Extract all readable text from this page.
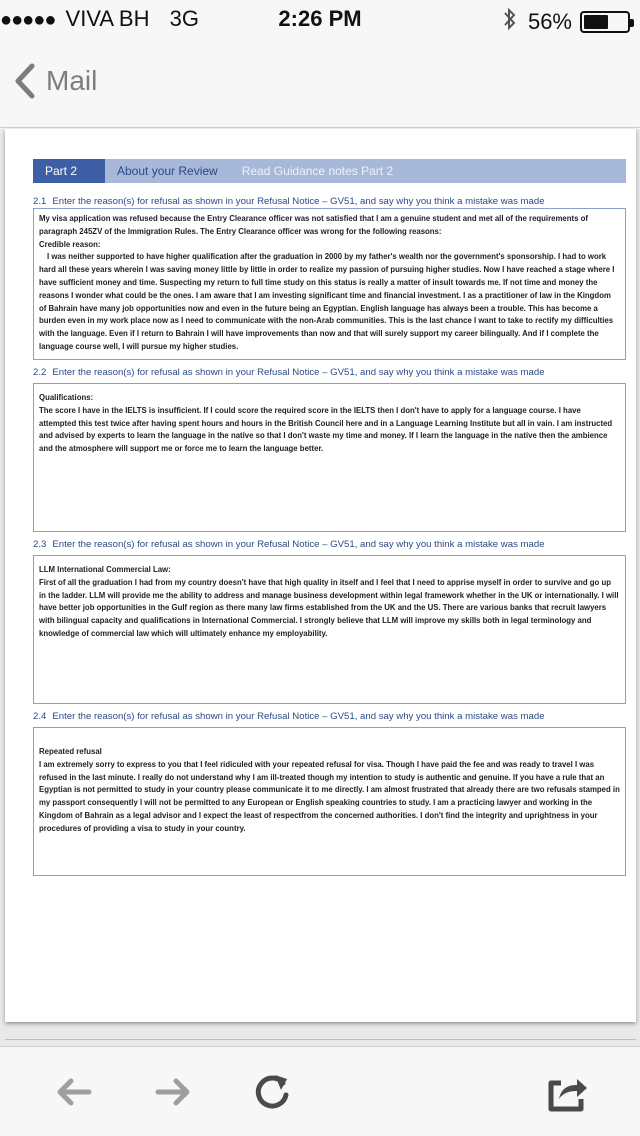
●●●●● VIVA BH 3G	2:26 PM	56%
Mail
Part 2	About your Review Read Guidance notes Part 2
2.1 Enter the reason(s) for refusal as shown in your Refusal Notice – GV51, and say why you think a mistake was made

My visa application was refused because the Entry Clearance officer was not satisfied that I am a genuine student and met all of the requirements of paragraph 245ZV of the Immigration Rules. The Entry Clearance officer was wrong for the following reasons:

Credible reason:

I was neither supported to have higher qualification after the graduation in 2000 by my father's wealth nor the government's sponsorship. I had to work hard all these years wherein I was saving money little by little in order to realize my passion of pursuing higher studies. Now I have reached a stage where I have sufficient money and time. Suspecting my return to full time study on this status is really a matter of insult towards me. If not time and money the reasons I wonder what could be the ones. I am aware that I am investing significant time and financial investment. I as a practitioner of law in the Kingdom of Bahrain have many job opportunities now and even in the future being an Egyptian. English language has always been a trouble. This has become a burden even in my work place now as I need to communicate with the non-Arab communities. This is the last chance I want to take to rectify my difficulties with the language. Even if I return to Bahrain I will have improvements than now and that will surely support my career bilingually. And if I complete the language course well, I will pursue my higher studies.

2.2 Enter the reason(s) for refusal as shown in your Refusal Notice – GV51, and say why you think a mistake was made

Qualifications:

The score I have in the IELTS is insufficient. If I could score the required score in the IELTS then I don't have to apply for a language course. I have attempted this test twice after having spent hours and hours in the British Council here and in a Language Learning Institute but all in vain. I am instructed and advised by experts to learn the language in the native so that I don't waste my time and money. If I learn the language in the native then the ambience and the atmosphere will support me or force me to learn the language better.

2.3 Enter the reason(s) for refusal as shown in your Refusal Notice – GV51, and say why you think a mistake was made

LLM International Commercial Law:

First of all the graduation I had from my country doesn't have that high quality in itself and I feel that I need to apprise myself in order to survive and go up in the ladder. LLM will provide me the ability to address and manage business development within legal framework whether in the UK or internationally. I will have better job opportunities in the Gulf region as there many law firms established from the UK and the US. There are various banks that recruit lawyers with bilingual capacity and qualifications in International Commercial. I strongly believe that LLM will improve my skills both in legal terminology and knowledge of commercial law which will ultimately enhance my employability.

2.4 Enter the reason(s) for refusal as shown in your Refusal Notice – GV51, and say why you think a mistake was made

Repeated refusal

I am extremely sorry to express to you that I feel ridiculed with your repeated refusal for visa. Though I have paid the fee and was ready to travel I was refused in the last minute. I really do not understand why I am ill-treated though my intention to study is authentic and genuine. If you have a rule that an Egyptian is not permitted to study in your country please communicate it to me directly. I am almost frustrated that already there are two refusals stamped in my passport consequently I will not be permitted to any European or English speaking countries to study. I am a practicing lawyer and working in the Kingdom of Bahrain as a legal advisor and I expect the least of respectfrom the concerned authorities. I don't find the integrity and uprightness in your procedures of providing a visa to study in your country.
